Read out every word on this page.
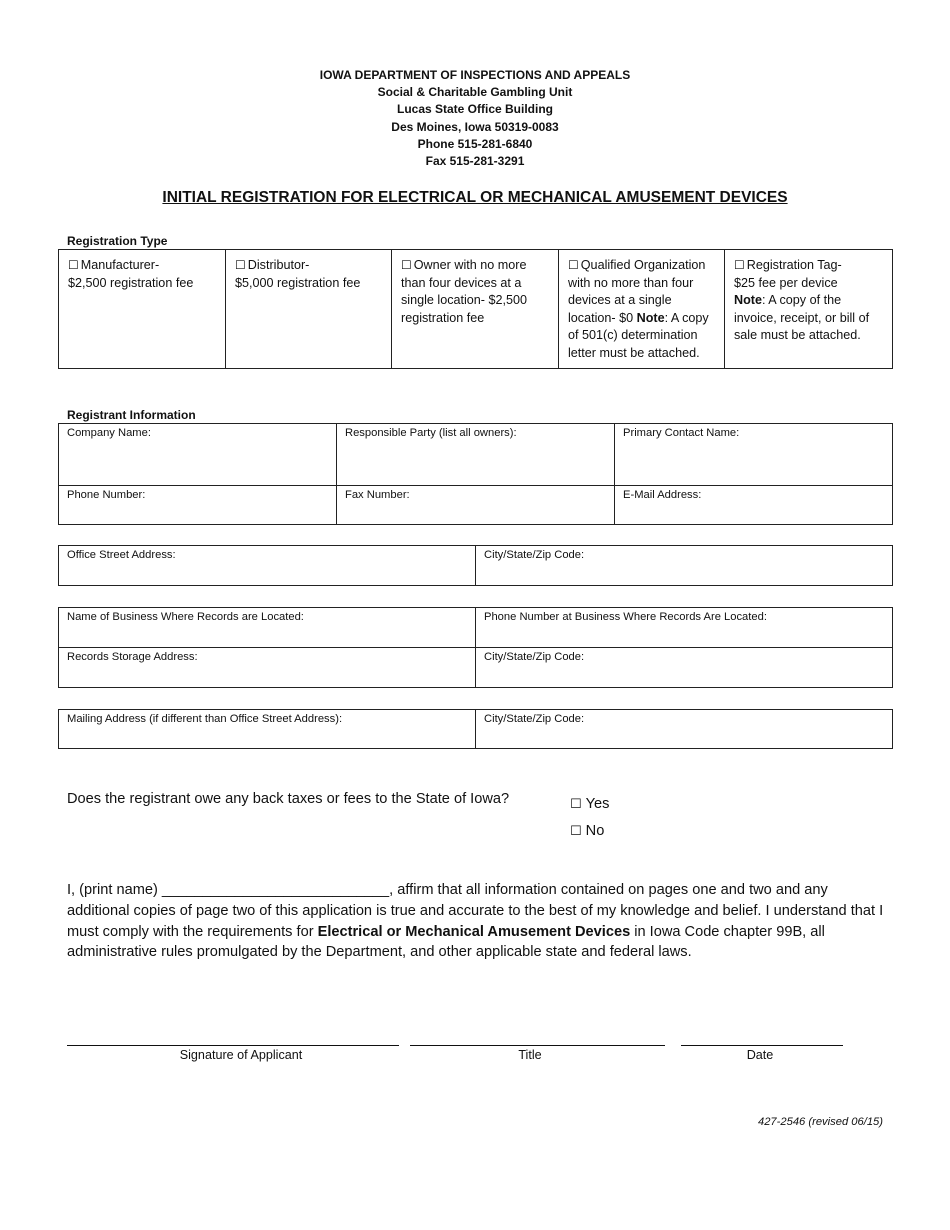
IOWA DEPARTMENT OF INSPECTIONS AND APPEALS
Social & Charitable Gambling Unit
Lucas State Office Building
Des Moines, Iowa 50319-0083
Phone 515-281-6840
Fax 515-281-3291
INITIAL REGISTRATION FOR ELECTRICAL OR MECHANICAL AMUSEMENT DEVICES
Registration Type
☐ Manufacturer-
$2,500 registration fee

☐ Distributor-
$5,000 registration fee

☐ Owner with no more than four devices at a single location- $2,500 registration fee

☐ Qualified Organization with no more than four devices at a single location- $0 Note: A copy of 501(c) determination letter must be attached.

☐ Registration Tag-
$25 fee per device
Note: A copy of the invoice, receipt, or bill of sale must be attached.
Registrant Information
Company Name:	Responsible Party (list all owners):	Primary Contact Name:

Phone Number:	Fax Number:	E-Mail Address:
Office Street Address:	City/State/Zip Code:
Name of Business Where Records are Located:	Phone Number at Business Where Records Are Located:

Records Storage Address:	City/State/Zip Code:
Mailing Address (if different than Office Street Address):	City/State/Zip Code:
Does the registrant owe any back taxes or fees to the State of Iowa?	☐ Yes
☐ No
I, (print name) ____________________________, affirm that all information contained on pages one and two and any additional copies of page two of this application is true and accurate to the best of my knowledge and belief. I understand that I must comply with the requirements for Electrical or Mechanical Amusement Devices in Iowa Code chapter 99B, all administrative rules promulgated by the Department, and other applicable state and federal laws.
Signature of Applicant	Title	Date
427-2546 (revised 06/15)
